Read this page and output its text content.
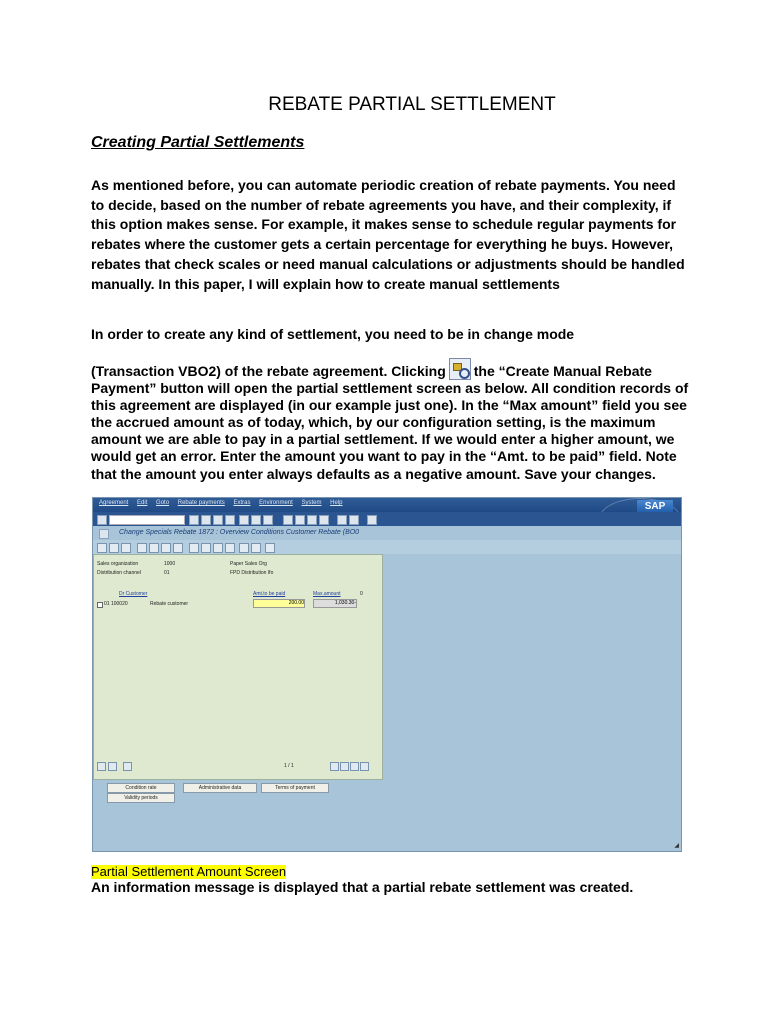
REBATE PARTIAL SETTLEMENT
Creating Partial Settlements
As mentioned before, you can automate periodic creation of rebate payments. You need to decide, based on the number of rebate agreements you have, and their complexity, if this option makes sense. For example, it makes sense to schedule regular payments for rebates where the customer gets a certain percentage for everything he buys. However, rebates that check scales or need manual calculations or adjustments should be handled manually. In this paper, I will explain how to create manual settlements
In order to create any kind of settlement, you need to be in change mode
(Transaction VBO2) of the rebate agreement. Clicking the “Create Manual Rebate Payment” button will open the partial settlement screen as below. All condition records of this agreement are displayed (in our example just one). In the “Max amount” field you see the accrued amount as of today, which, by our configuration setting, is the maximum amount we are able to pay in a partial settlement. If we would enter a higher amount, we would get an error. Enter the amount you want to pay in the “Amt. to be paid” field. Note that the amount you enter always defaults as a negative amount. Save your changes.
Agreement Edit Goto Rebate payments Extras Environment System Help	SAP
Change Specials Rebate 1872 : Overview Conditions Customer Rebate (BO0
Sales organization	1000	Paper Sales Org
Distribution channel	01	FPD Distribution Ifo
Dr Customer	Amt.to be paid	Max.amount	0
01 100020	Rebate customer	200.00	1,030.30-
1 / 1
Condition rate
Validity periods
Administrative data	Terms of payment
◢
Partial Settlement Amount Screen
An information message is displayed that a partial rebate settlement was created.
